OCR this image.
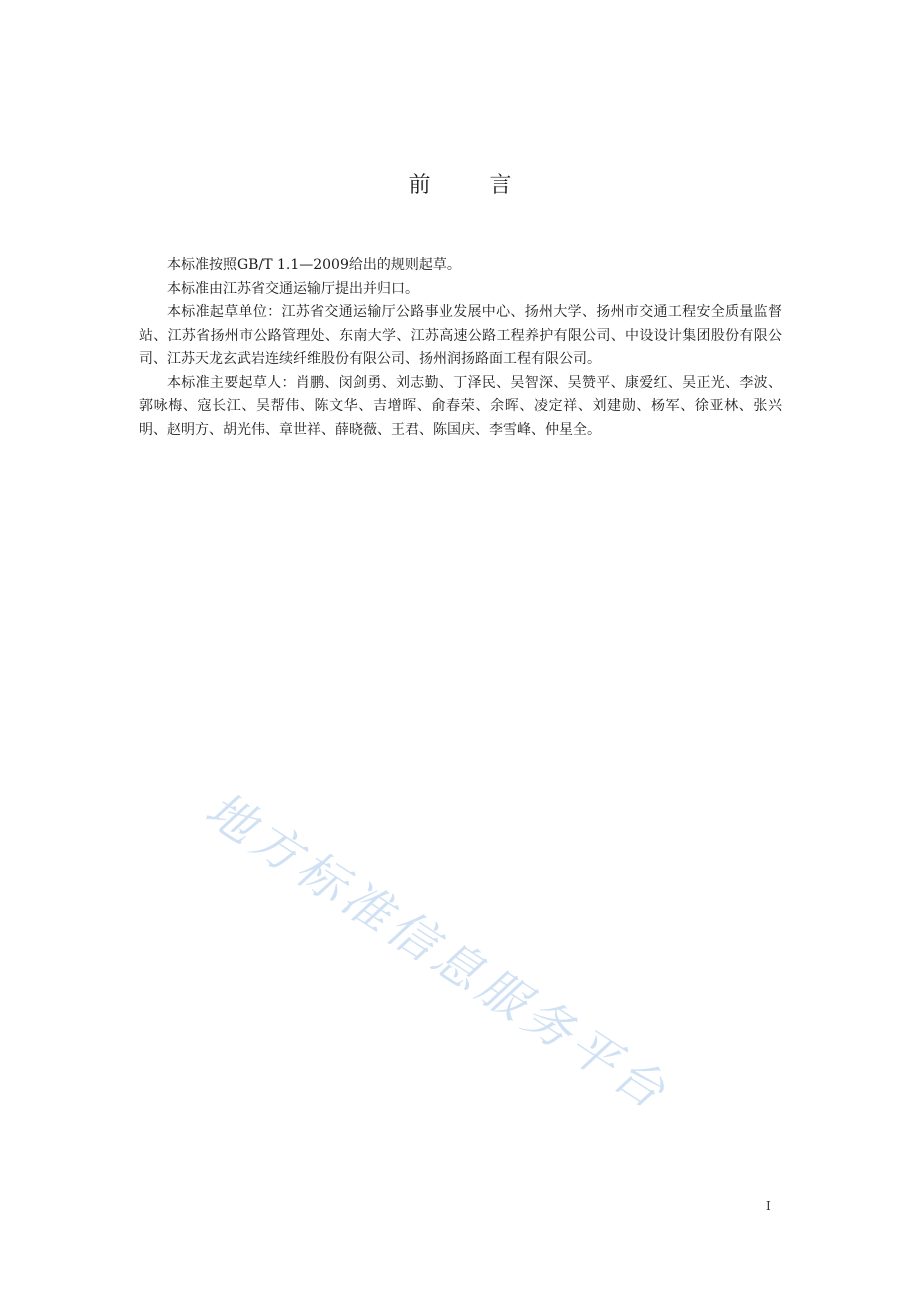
前 言

本标准按照GB/T 1.1—2009给出的规则起草。

本标准由江苏省交通运输厅提出并归口。

本标准起草单位：江苏省交通运输厅公路事业发展中心、扬州大学、扬州市交通工程安全质量监督站、江苏省扬州市公路管理处、东南大学、江苏高速公路工程养护有限公司、中设设计集团股份有限公司、江苏天龙玄武岩连续纤维股份有限公司、扬州润扬路面工程有限公司。

本标准主要起草人：肖鹏、闵剑勇、刘志勤、丁泽民、吴智深、吴赞平、康爱红、吴正光、李波、郭咏梅、寇长江、吴帮伟、陈文华、吉增晖、俞春荣、余晖、凌定祥、刘建勋、杨军、徐亚林、张兴明、赵明方、胡光伟、章世祥、薛晓薇、王君、陈国庆、李雪峰、仲星全。

地方标准信息服务平台
I
